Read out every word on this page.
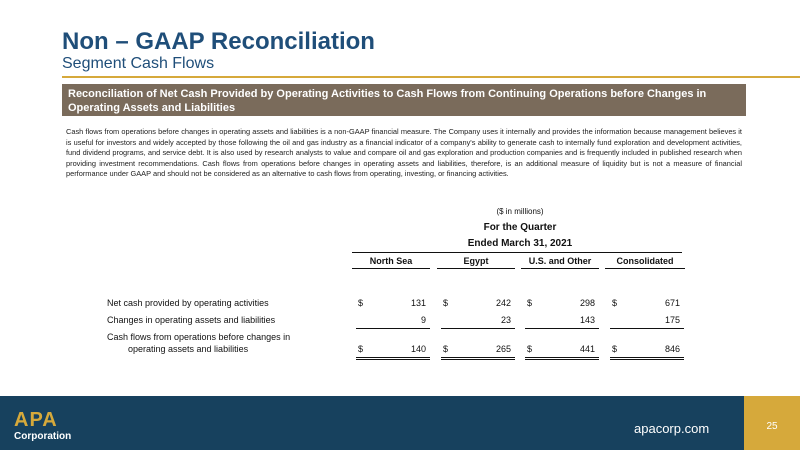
Non – GAAP Reconciliation
Segment Cash Flows
Reconciliation of Net Cash Provided by Operating Activities to Cash Flows from Continuing Operations before Changes in
Operating Assets and Liabilities
Cash flows from operations before changes in operating assets and liabilities is a non-GAAP financial measure. The Company uses it internally and provides the information because management believes it is useful for investors and widely accepted by those following the oil and gas industry as a financial indicator of a company's ability to generate cash to internally fund exploration and development activities, fund dividend programs, and service debt. It is also used by research analysts to value and compare oil and gas exploration and production companies and is frequently included in published research when providing investment recommendations. Cash flows from operations before changes in operating assets and liabilities, therefore, is an additional measure of liquidity but is not a measure of financial performance under GAAP and should not be considered as an alternative to cash flows from operating, investing, or financing activities.
($ in millions)
For the Quarter
Ended March 31, 2021
North Sea	Egypt	U.S. and Other	Consolidated
Net cash provided by operating activities	$	131 $	242 $	298 $	671
Changes in operating assets and liabilities	9	23	143	175
Cash flows from operations before changes in
operating assets and liabilities	$	140 $	265 $	441 $	846
APA
Corporation
apacorp.com	25
